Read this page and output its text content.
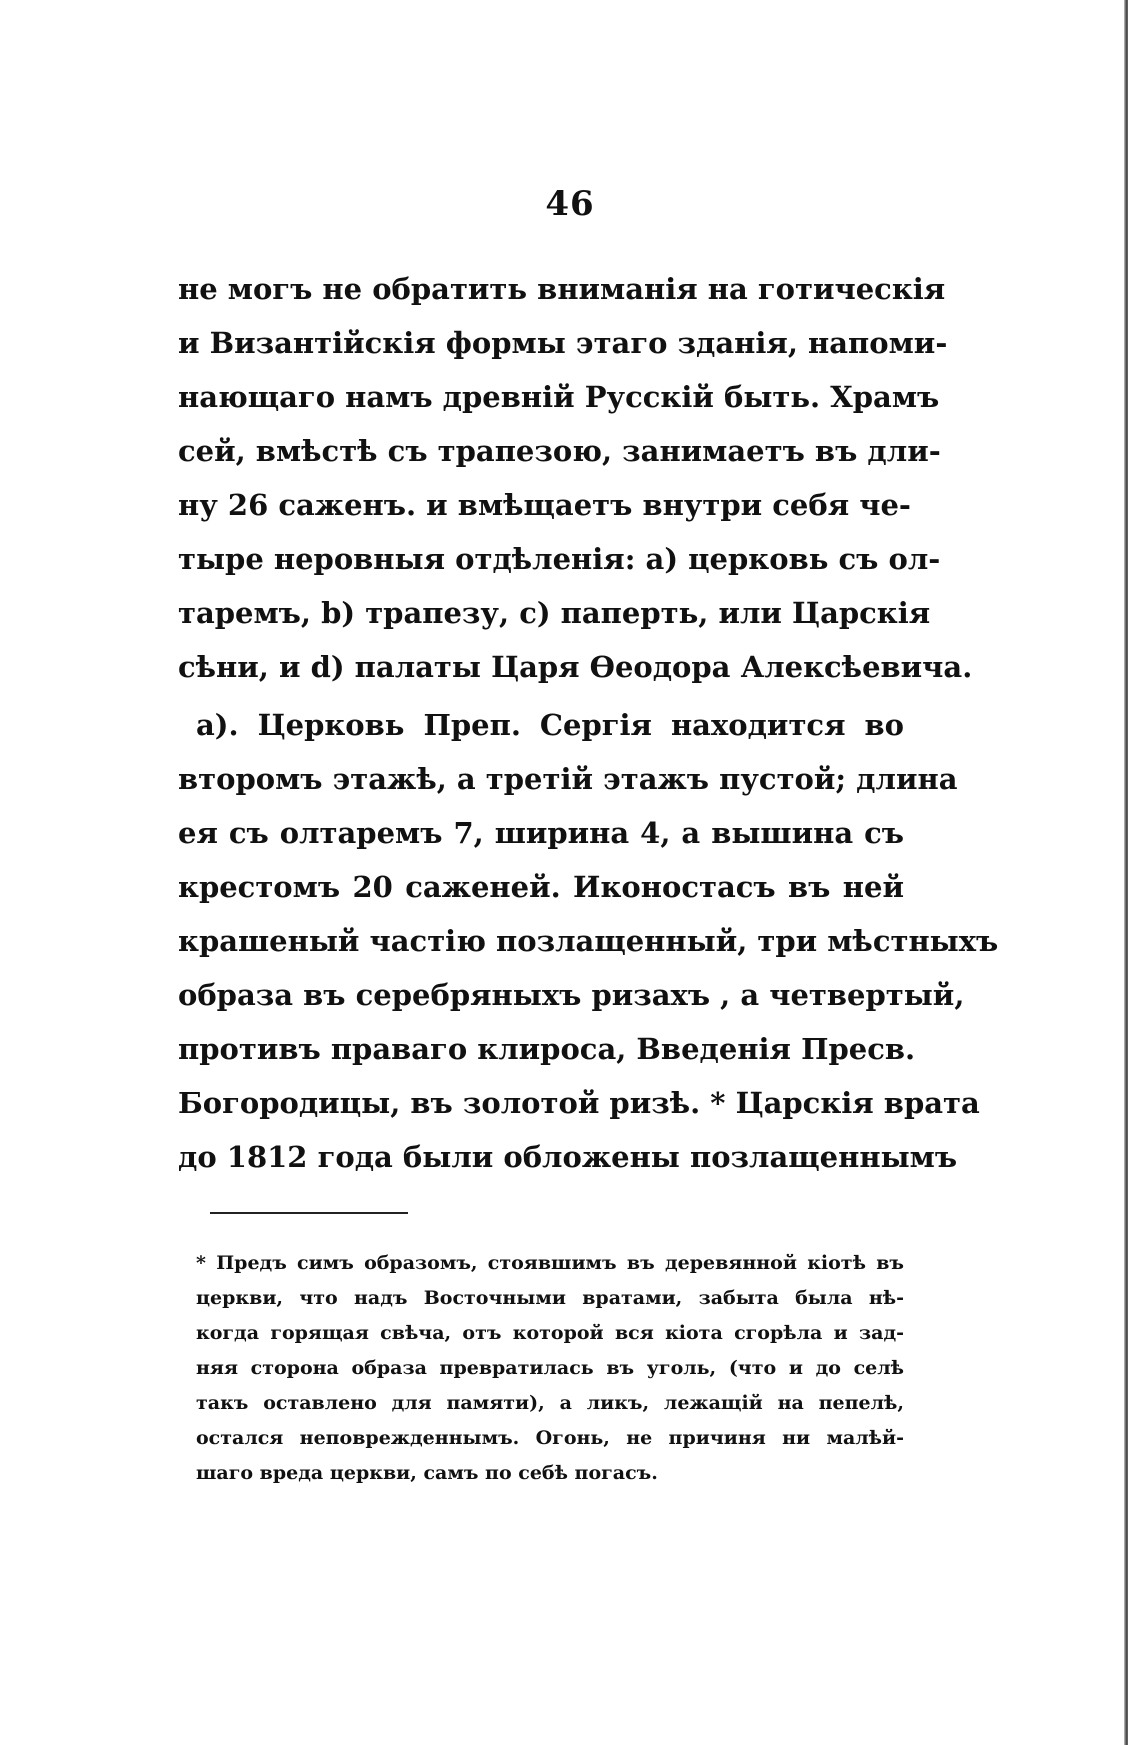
46
не могъ не обратить вниманія на готическія
и Византійскія формы этаго зданія, напоми-
нающаго намъ древній Русскій быть. Храмъ
сей, вмѣстѣ съ трапезою, занимаетъ въ дли-
ну 26 саженъ. и вмѣщаетъ внутри себя че-
тыре неровныя отдѣленія: а) церковь съ ол-
таремъ, b) трапезу, c) паперть, или Царскія
сѣни, и d) палаты Царя Ѳеодора Алексѣевича.
а). Церковь Преп. Сергія находится во
второмъ этажѣ, а третій этажъ пустой; длина
ея съ олтаремъ 7, ширина 4, а вышина съ
крестомъ 20 саженей. Иконостасъ въ ней
крашеный частію позлащенный, три мѣстныхъ
образа въ серебряныхъ ризахъ , а четвертый,
противъ праваго клироса, Введенія Пресв.
Богородицы, въ золотой ризѣ. * Царскія врата
до 1812 года были обложены позлащеннымъ
* Предъ симъ образомъ, стоявшимъ въ деревянной кіотѣ въ
церкви, что надъ Восточными вратами, забыта была нѣ-
когда горящая свѣча, отъ которой вся кіота сгорѣла и зад-
няя сторона образа превратилась въ уголь, (что и до селѣ
такъ оставлено для памяти), а ликъ, лежащій на пепелѣ,
остался неповрежденнымъ. Огонь, не причиня ни малѣй-
шаго вреда церкви, самъ по себѣ погасъ.
